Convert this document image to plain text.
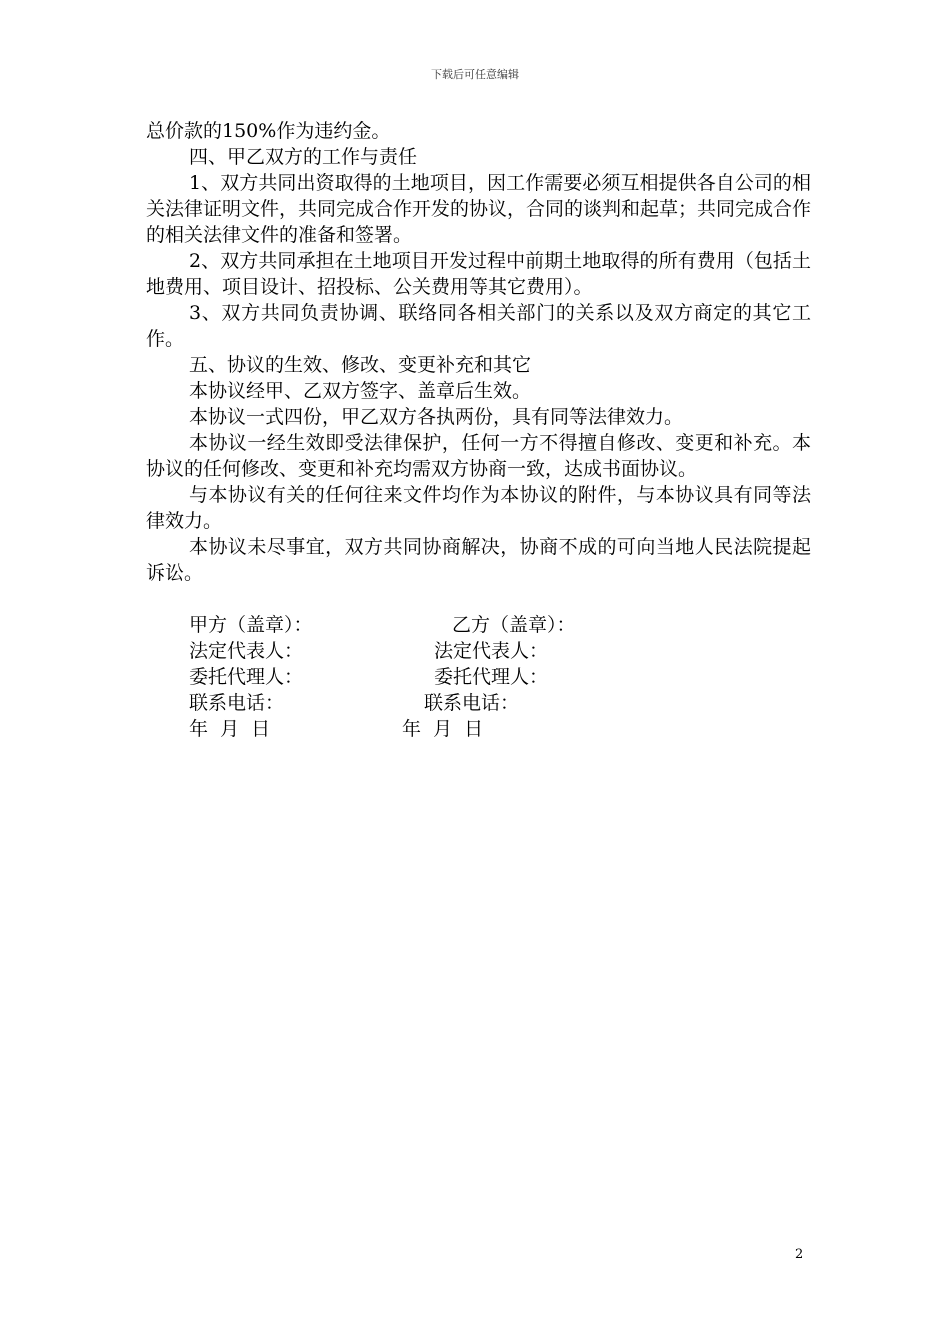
下载后可任意编辑

总价款的150%作为违约金。

四、甲乙双方的工作与责任

1、双方共同出资取得的土地项目，因工作需要必须互相提供各自公司的相关法律证明文件，共同完成合作开发的协议，合同的谈判和起草；共同完成合作的相关法律文件的准备和签署。

2、双方共同承担在土地项目开发过程中前期土地取得的所有费用（包括土地费用、项目设计、招投标、公关费用等其它费用）。

3、双方共同负责协调、联络同各相关部门的关系以及双方商定的其它工作。

五、协议的生效、修改、变更补充和其它

本协议经甲、乙双方签字、盖章后生效。

本协议一式四份，甲乙双方各执两份，具有同等法律效力。

本协议一经生效即受法律保护，任何一方不得擅自修改、变更和补充。本协议的任何修改、变更和补充均需双方协商一致，达成书面协议。

与本协议有关的任何往来文件均作为本协议的附件，与本协议具有同等法律效力。

本协议未尽事宜，双方共同协商解决，协商不成的可向当地人民法院提起诉讼。

甲方（盖章）：	乙方（盖章）：
法定代表人：	法定代表人：
委托代理人：	委托代理人：
联系电话：	联系电话：
年  月  日	年  月  日
2
